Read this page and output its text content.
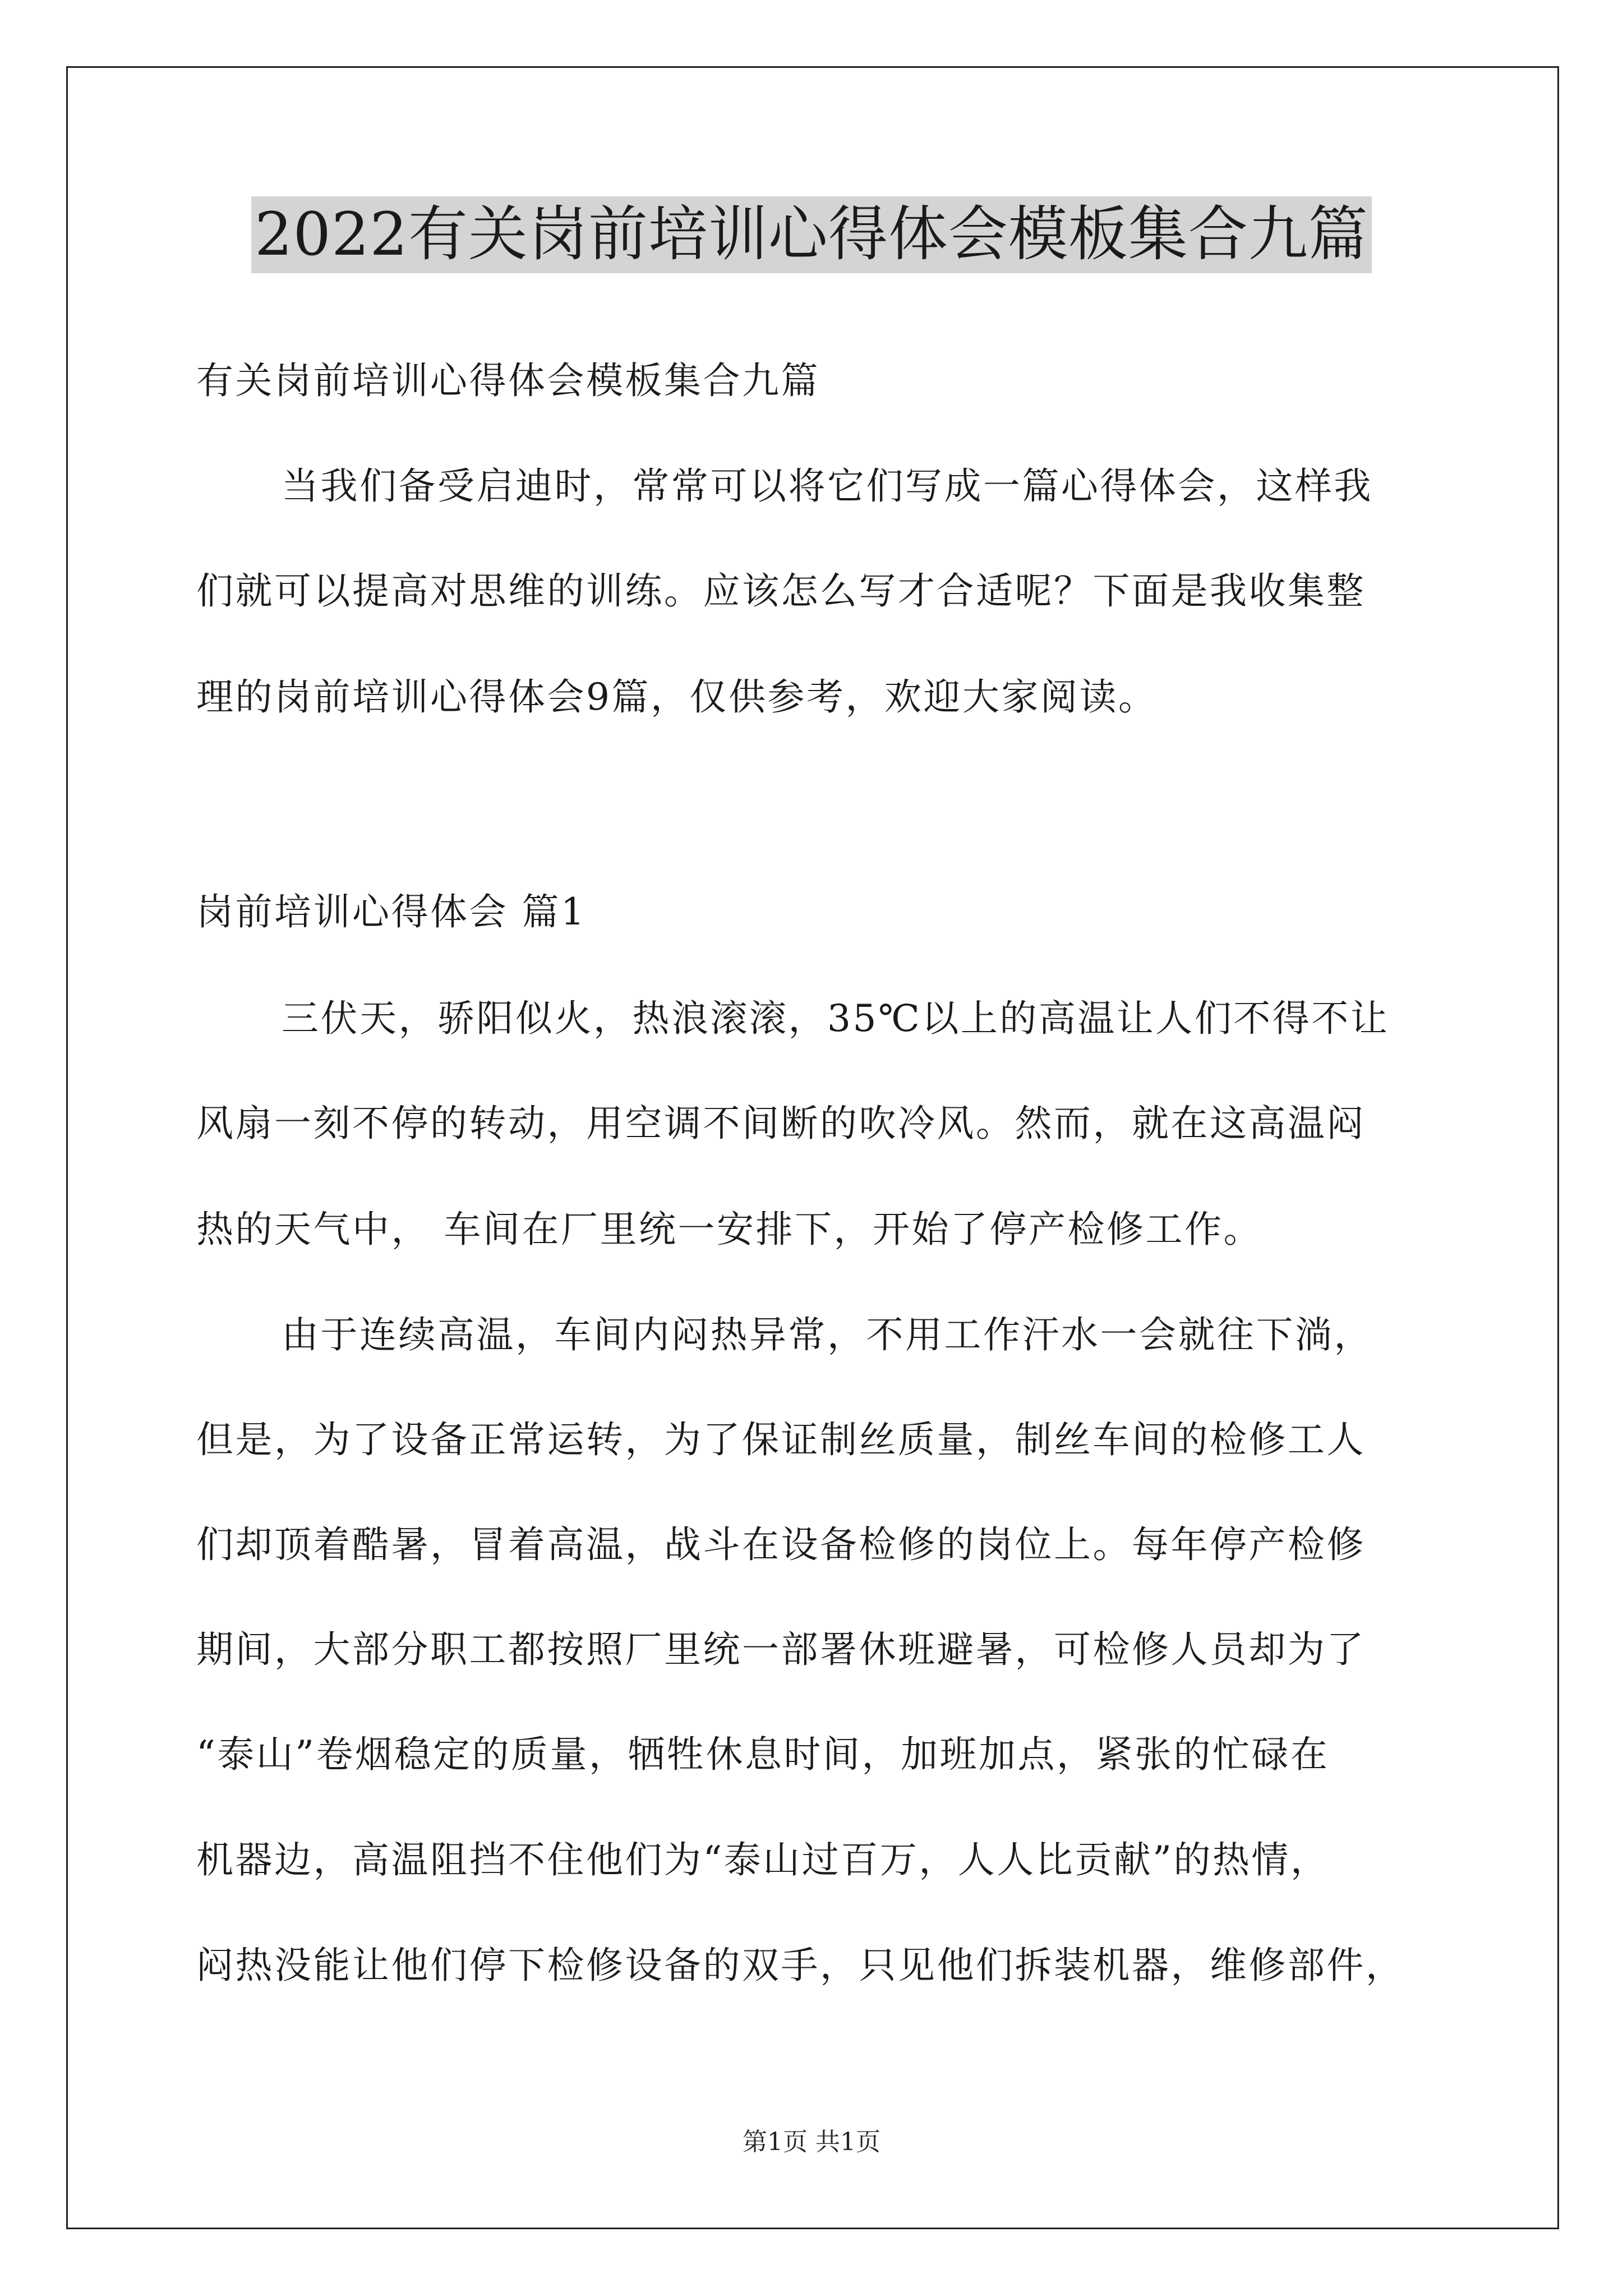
2022有关岗前培训心得体会模板集合九篇
有关岗前培训心得体会模板集合九篇
当我们备受启迪时，常常可以将它们写成一篇心得体会，这样我
们就可以提高对思维的训练。应该怎么写才合适呢？下面是我收集整
理的岗前培训心得体会9篇，仅供参考，欢迎大家阅读。
岗前培训心得体会 篇1
三伏天，骄阳似火，热浪滚滚，35℃以上的高温让人们不得不让
风扇一刻不停的转动，用空调不间断的吹冷风。然而，就在这高温闷
热的天气中， 车间在厂里统一安排下，开始了停产检修工作。
由于连续高温，车间内闷热异常，不用工作汗水一会就往下淌，
但是，为了设备正常运转，为了保证制丝质量，制丝车间的检修工人
们却顶着酷暑，冒着高温，战斗在设备检修的岗位上。每年停产检修
期间，大部分职工都按照厂里统一部署休班避暑，可检修人员却为了
“泰山”卷烟稳定的质量，牺牲休息时间，加班加点，紧张的忙碌在
机器边，高温阻挡不住他们为“泰山过百万，人人比贡献”的热情，
闷热没能让他们停下检修设备的双手，只见他们拆装机器，维修部件，
第1页 共1页
